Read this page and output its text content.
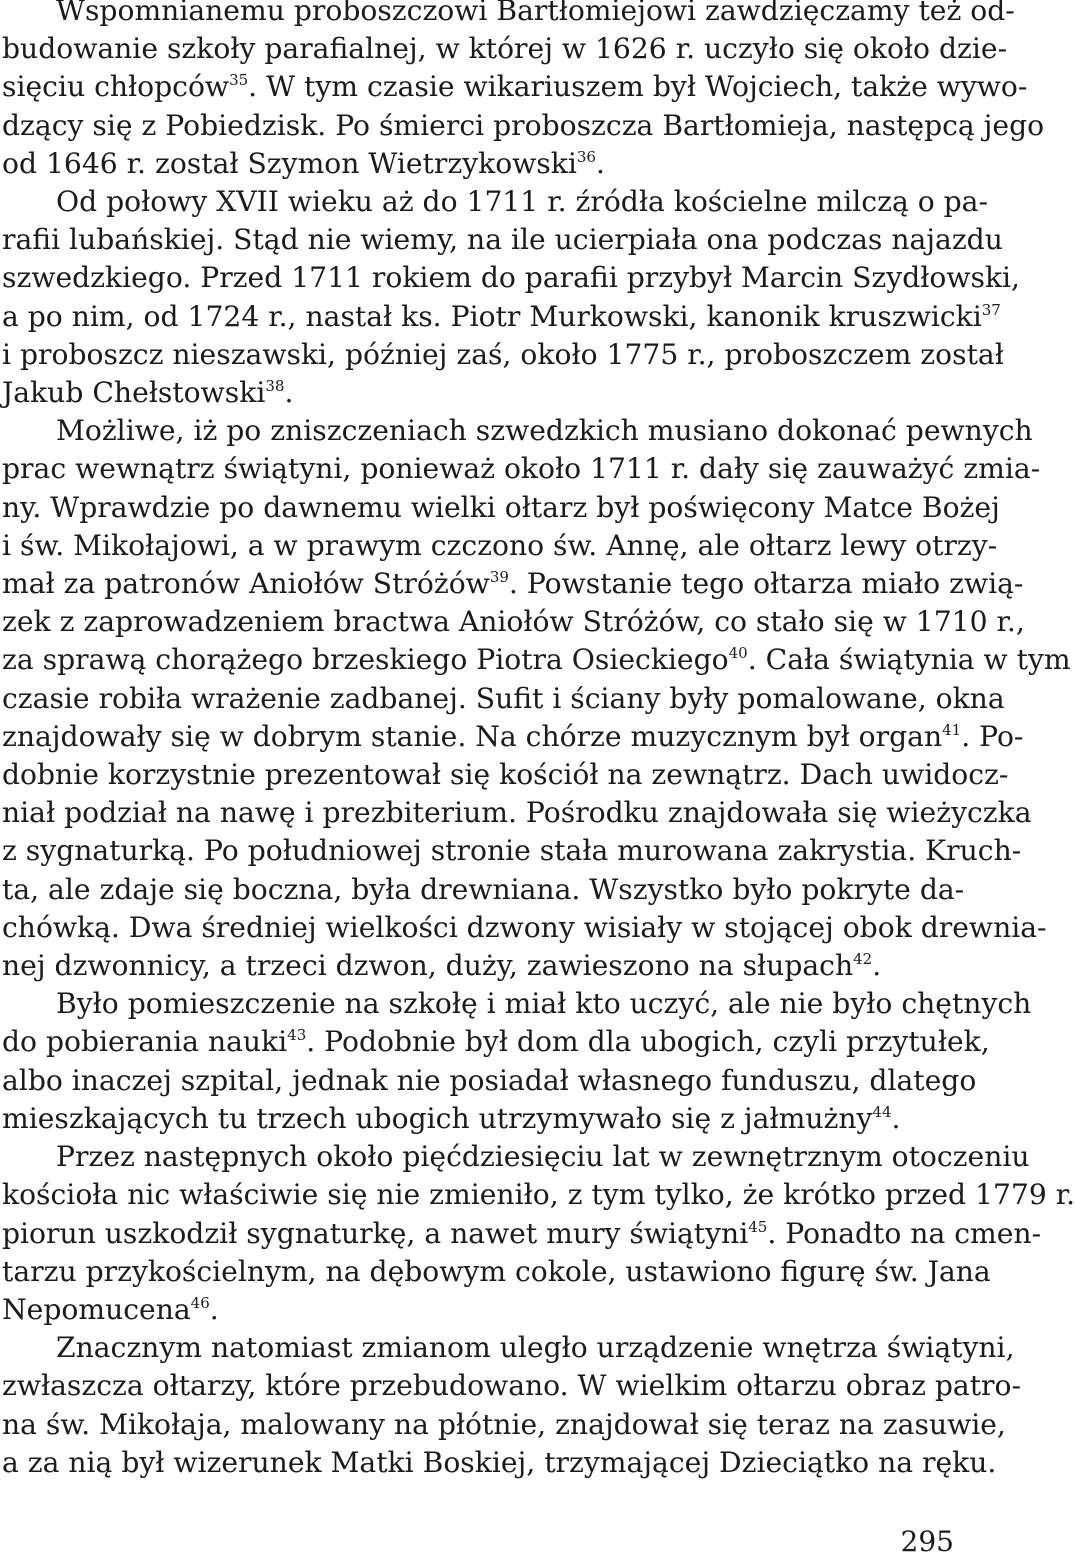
Wspomnianemu proboszczowi Bartłomiejowi zawdzięczamy też od-
budowanie szkoły parafialnej, w której w 1626 r. uczyło się około dzie-
sięciu chłopców$^{35}$. W tym czasie wikariuszem był Wojciech, także wywo-
dzący się z Pobiedzisk. Po śmierci proboszcza Bartłomieja, następcą jego
od 1646 r. został Szymon Wietrzykowski$^{36}$.
Od połowy XVII wieku aż do 1711 r. źródła kościelne milczą o pa-
rafii lubańskiej. Stąd nie wiemy, na ile ucierpiała ona podczas najazdu
szwedzkiego. Przed 1711 rokiem do parafii przybył Marcin Szydłowski,
a po nim, od 1724 r., nastał ks. Piotr Murkowski, kanonik kruszwicki$^{37}$
i proboszcz nieszawski, później zaś, około 1775 r., proboszczem został
Jakub Chełstowski$^{38}$.
Możliwe, iż po zniszczeniach szwedzkich musiano dokonać pewnych
prac wewnątrz świątyni, ponieważ około 1711 r. dały się zauważyć zmia-
ny. Wprawdzie po dawnemu wielki ołtarz był poświęcony Matce Bożej
i św. Mikołajowi, a w prawym czczono św. Annę, ale ołtarz lewy otrzy-
mał za patronów Aniołów Stróżów$^{39}$. Powstanie tego ołtarza miało zwią-
zek z zaprowadzeniem bractwa Aniołów Stróżów, co stało się w 1710 r.,
za sprawą chorążego brzeskiego Piotra Osieckiego$^{40}$. Cała świątynia w tym
czasie robiła wrażenie zadbanej. Sufit i ściany były pomalowane, okna
znajdowały się w dobrym stanie. Na chórze muzycznym był organ$^{41}$. Po-
dobnie korzystnie prezentował się kościół na zewnątrz. Dach uwidocz-
niał podział na nawę i prezbiterium. Pośrodku znajdowała się wieżyczka
z sygnaturką. Po południowej stronie stała murowana zakrystia. Kruch-
ta, ale zdaje się boczna, była drewniana. Wszystko było pokryte da-
chówką. Dwa średniej wielkości dzwony wisiały w stojącej obok drewnia-
nej dzwonnicy, a trzeci dzwon, duży, zawieszono na słupach$^{42}$.
Było pomieszczenie na szkołę i miał kto uczyć, ale nie było chętnych
do pobierania nauki$^{43}$. Podobnie był dom dla ubogich, czyli przytułek,
albo inaczej szpital, jednak nie posiadał własnego funduszu, dlatego
mieszkających tu trzech ubogich utrzymywało się z jałmużny$^{44}$.
Przez następnych około pięćdziesięciu lat w zewnętrznym otoczeniu
kościoła nic właściwie się nie zmieniło, z tym tylko, że krótko przed 1779 r.
piorun uszkodził sygnaturkę, a nawet mury świątyni$^{45}$. Ponadto na cmen-
tarzu przykościelnym, na dębowym cokole, ustawiono figurę św. Jana
Nepomucena$^{46}$.
Znacznym natomiast zmianom uległo urządzenie wnętrza świątyni,
zwłaszcza ołtarzy, które przebudowano. W wielkim ołtarzu obraz patro-
na św. Mikołaja, malowany na płótnie, znajdował się teraz na zasuwie,
a za nią był wizerunek Matki Boskiej, trzymającej Dzieciątko na ręku.
295
